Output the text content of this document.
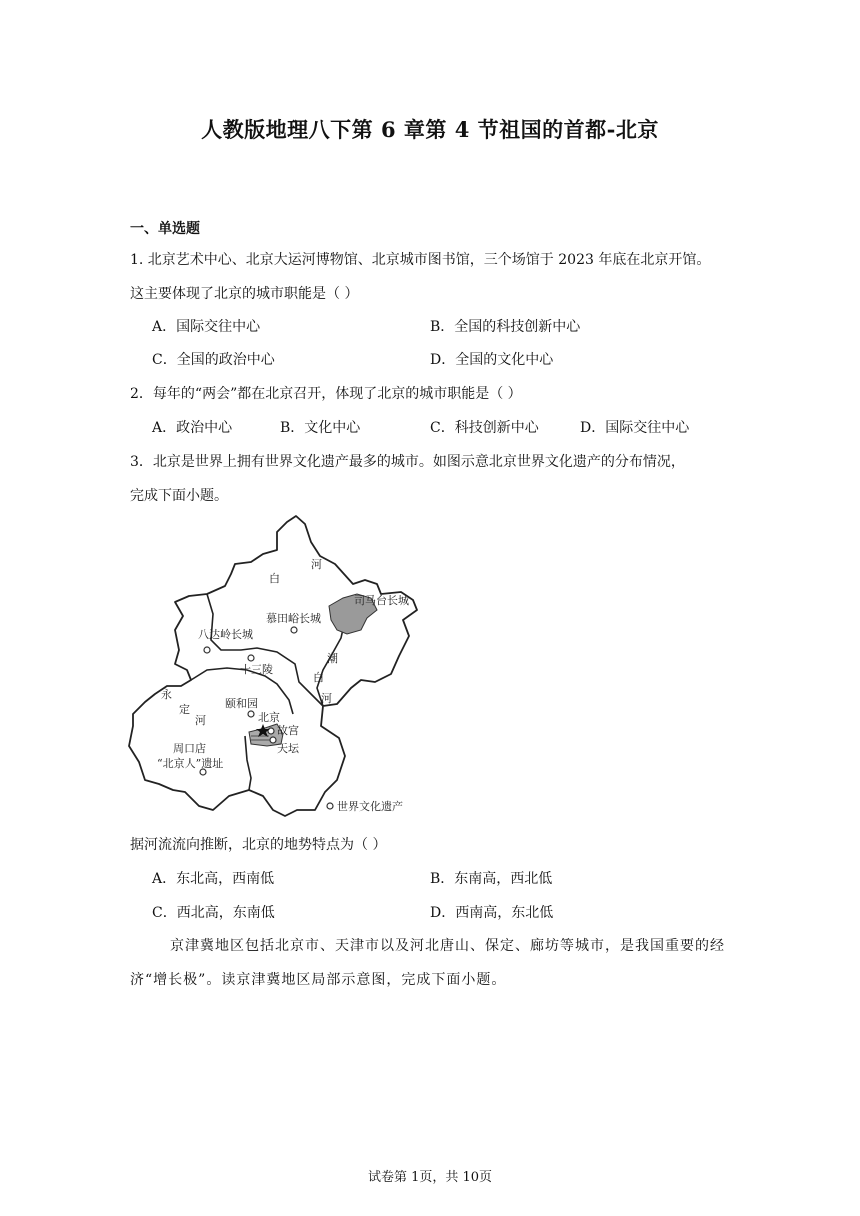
人教版地理八下第 6 章第 4 节祖国的首都-北京
一、单选题
1. 北京艺术中心、北京大运河博物馆、北京城市图书馆，三个场馆于 2023 年底在北京开馆。
这主要体现了北京的城市职能是（ ）
A．国际交往中心	B．全国的科技创新中心
C．全国的政治中心	D．全国的文化中心
2．每年的“两会”都在北京召开，体现了北京的城市职能是（ ）
A．政治中心	B．文化中心	C．科技创新中心	D．国际交往中心
3．北京是世界上拥有世界文化遗产最多的城市。如图示意北京世界文化遗产的分布情况，
完成下面小题。
白
河
司马台长城
慕田峪长城
八达岭长城
十三陵
潮
白
河
永
定
河
颐和园
北京
故宫
天坛
周口店
“北京人”遗址
世界文化遗产
据河流流向推断，北京的地势特点为（ ）
A．东北高，西南低	B．东南高，西北低
C．西北高，东南低	D．西南高，东北低
京津冀地区包括北京市、天津市以及河北唐山、保定、廊坊等城市，是我国重要的经
济“增长极”。读京津冀地区局部示意图，完成下面小题。
试卷第 1页，共 10页
